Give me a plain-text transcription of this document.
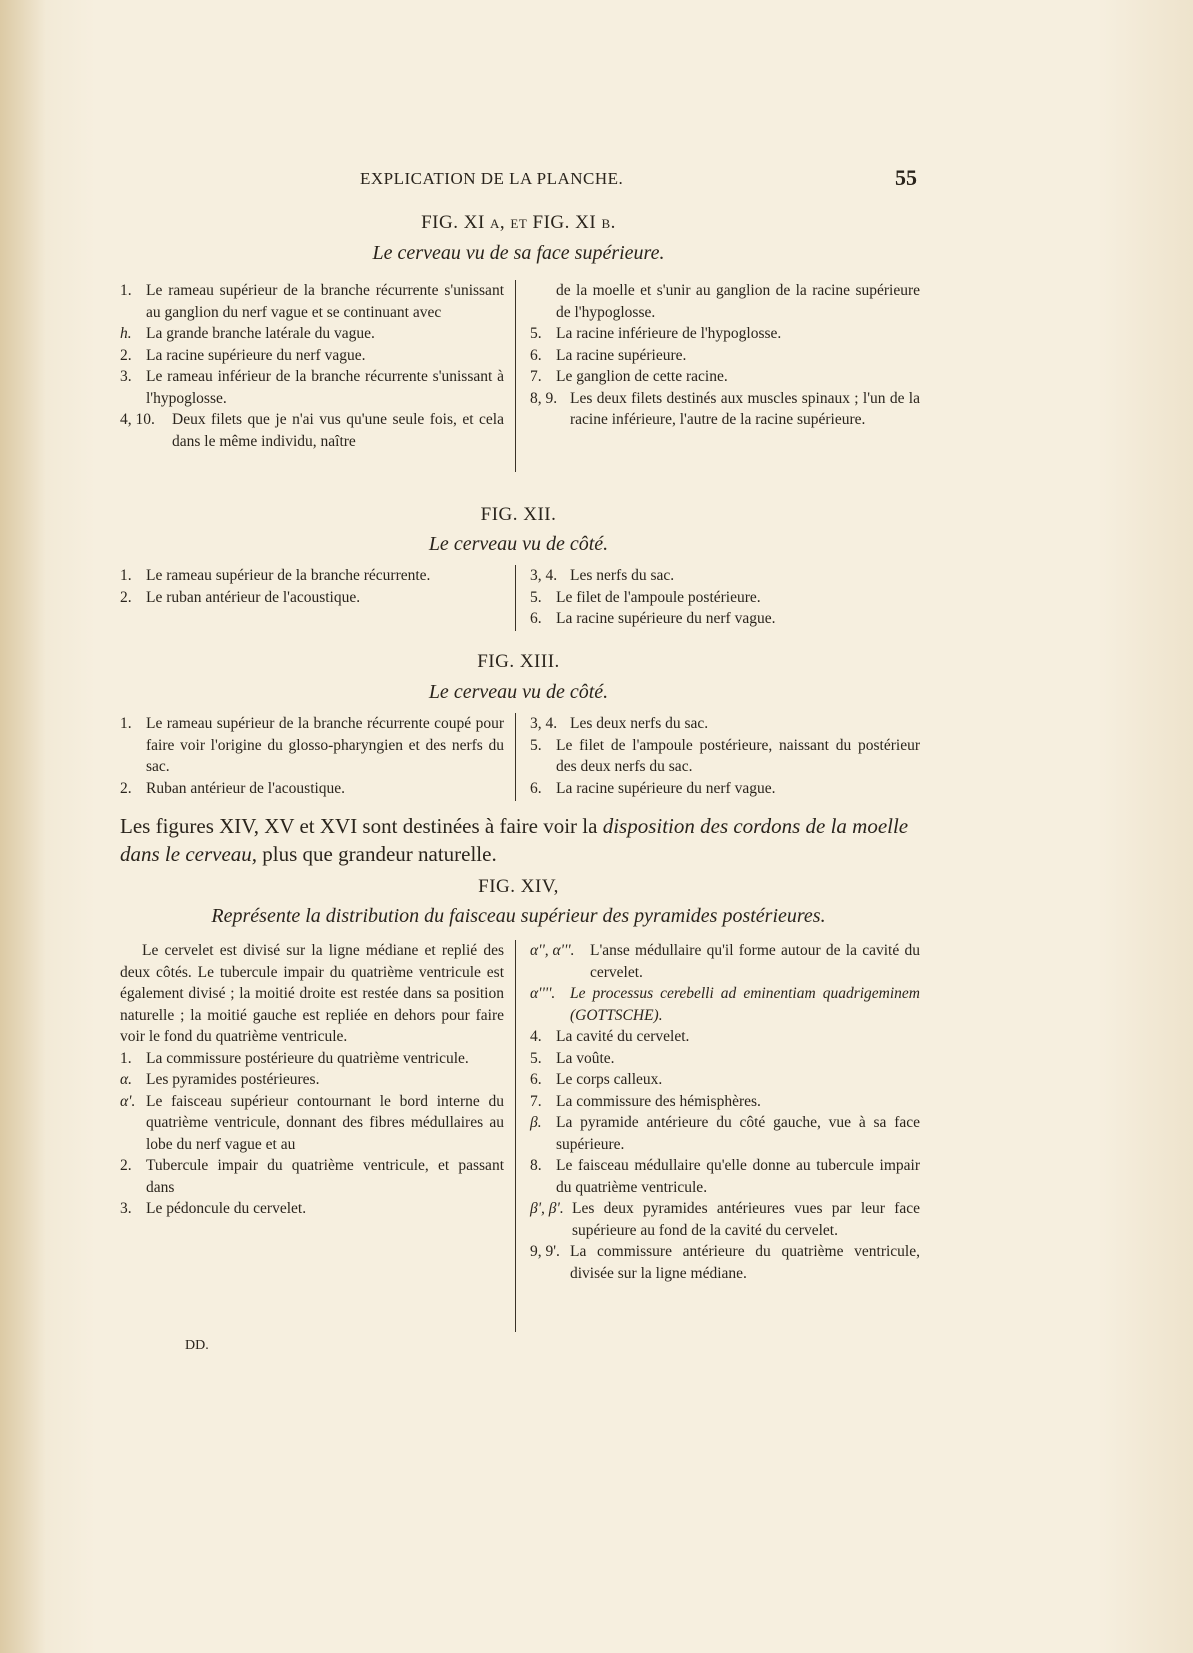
EXPLICATION DE LA PLANCHE.	55
FIG. XI a, et FIG. XI b.
Le cerveau vu de sa face supérieure.
1. Le rameau supérieur de la branche récurrente s'unissant au ganglion du nerf vague et se continuant avec
h. La grande branche latérale du vague.
2. La racine supérieure du nerf vague.
3. Le rameau inférieur de la branche récurrente s'unissant à l'hypoglosse.
4, 10. Deux filets que je n'ai vus qu'une seule fois, et cela dans le même individu, naître
de la moelle et s'unir au ganglion de la racine supérieure de l'hypoglosse.
5. La racine inférieure de l'hypoglosse.
6. La racine supérieure.
7. Le ganglion de cette racine.
8, 9. Les deux filets destinés aux muscles spinaux ; l'un de la racine inférieure, l'autre de la racine supérieure.
FIG. XII.
Le cerveau vu de côté.
1. Le rameau supérieur de la branche récurrente.
2. Le ruban antérieur de l'acoustique.
3, 4. Les nerfs du sac.
5. Le filet de l'ampoule postérieure.
6. La racine supérieure du nerf vague.
FIG. XIII.
Le cerveau vu de côté.
1. Le rameau supérieur de la branche récurrente coupé pour faire voir l'origine du glosso-pharyngien et des nerfs du sac.
2. Ruban antérieur de l'acoustique.
3, 4. Les deux nerfs du sac.
5. Le filet de l'ampoule postérieure, naissant du postérieur des deux nerfs du sac.
6. La racine supérieure du nerf vague.
Les figures XIV, XV et XVI sont destinées à faire voir la disposition des cordons de la moelle dans le cerveau, plus que grandeur naturelle.
FIG. XIV,
Représente la distribution du faisceau supérieur des pyramides postérieures.
Le cervelet est divisé sur la ligne médiane et replié des deux côtés. Le tubercule impair du quatrième ventricule est également divisé ; la moitié droite est restée dans sa position naturelle ; la moitié gauche est repliée en dehors pour faire voir le fond du quatrième ventricule.
1. La commissure postérieure du quatrième ventricule.
α. Les pyramides postérieures.
α'. Le faisceau supérieur contournant le bord interne du quatrième ventricule, donnant des fibres médullaires au lobe du nerf vague et au
2. Tubercule impair du quatrième ventricule, et passant dans
3. Le pédoncule du cervelet.
α'', α'''. L'anse médullaire qu'il forme autour de la cavité du cervelet.
α''''. Le processus cerebelli ad eminentiam quadrigeminem (GOTTSCHE).
4. La cavité du cervelet.
5. La voûte.
6. Le corps calleux.
7. La commissure des hémisphères.
β. La pyramide antérieure du côté gauche, vue à sa face supérieure.
8. Le faisceau médullaire qu'elle donne au tubercule impair du quatrième ventricule.
β', β'. Les deux pyramides antérieures vues par leur face supérieure au fond de la cavité du cervelet.
9, 9'. La commissure antérieure du quatrième ventricule, divisée sur la ligne médiane.
DD.
